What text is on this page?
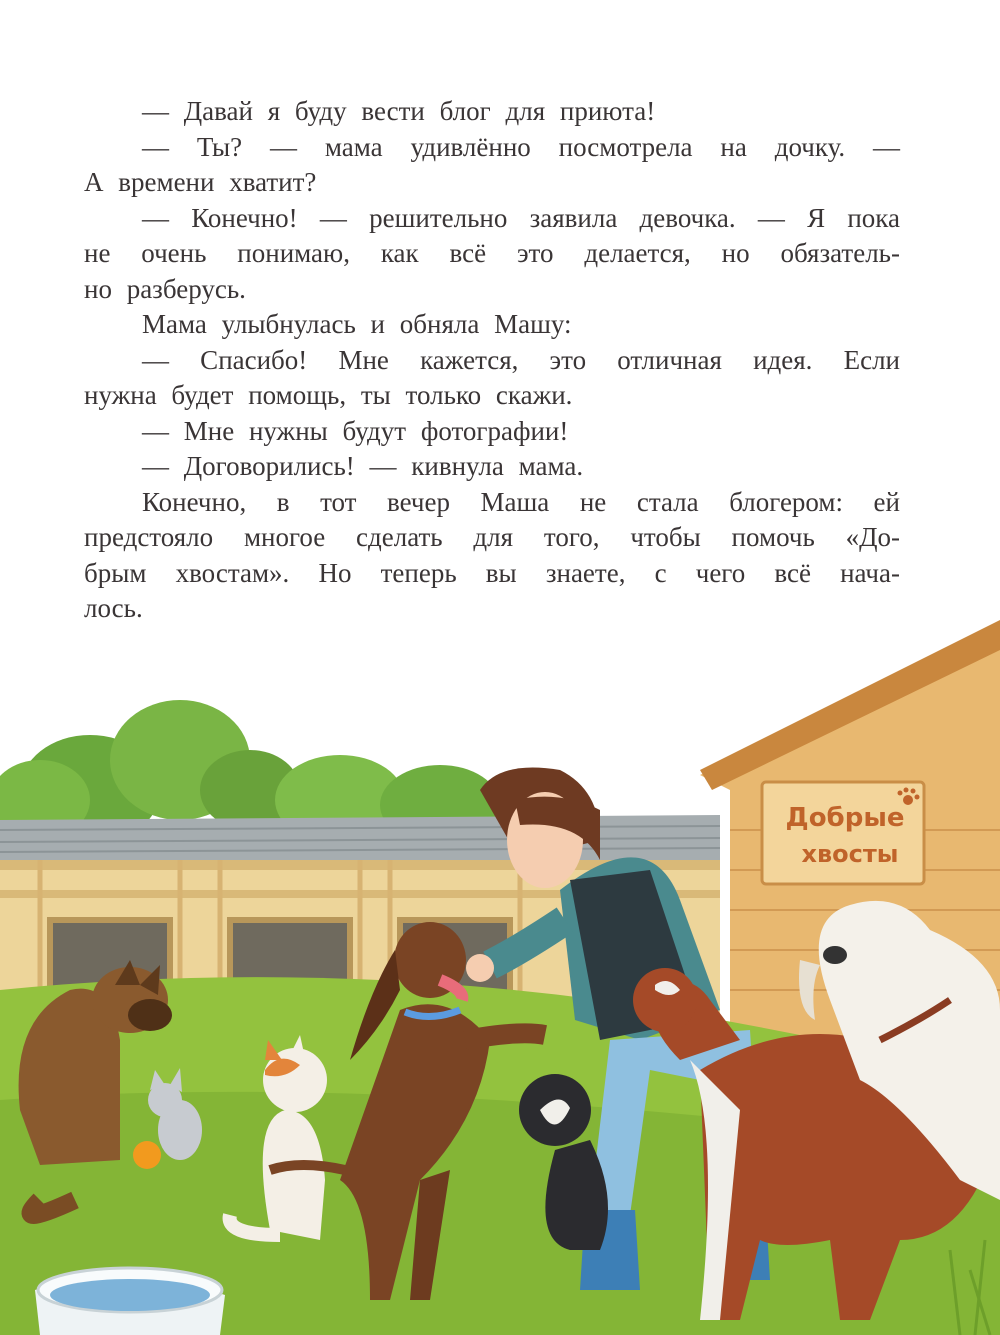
— Давай я буду вести блог для приюта!
— Ты? — мама удивлённо посмотрела на дочку. —
А времени хватит?
— Конечно! — решительно заявила девочка. — Я пока
не очень понимаю, как всё это делается, но обязатель-
но разберусь.
Мама улыбнулась и обняла Машу:
— Спасибо! Мне кажется, это отличная идея. Если
нужна будет помощь, ты только скажи.
— Мне нужны будут фотографии!
— Договорились! — кивнула мама.
Конечно, в тот вечер Маша не стала блогером: ей
предстояло многое сделать для того, чтобы помочь «До-
брым хвостам». Но теперь вы знаете, с чего всё нача-
лось.
Добрые
хвосты
